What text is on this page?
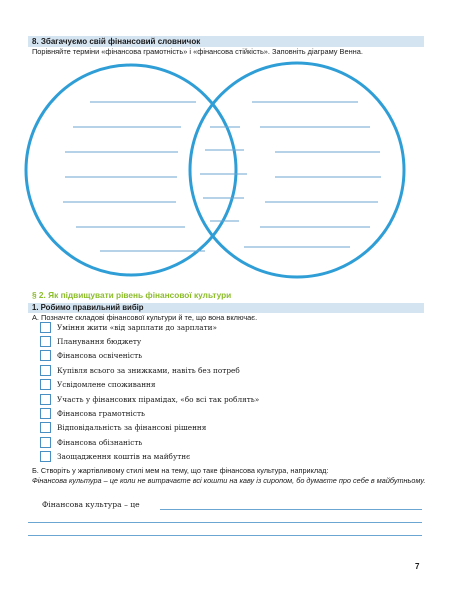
8. Збагачуємо свій фінансовий словничок
Порівняйте терміни «фінансова грамотність» і «фінансова стійкість». Заповніть діаграму Венна.
§ 2. Як підвищувати рівень фінансової культури
1. Робимо правильний вибір
А. Позначте складові фінансової культури й те, що вона включає.
Уміння жити «від зарплати до зарплати»
Планування бюджету
Фінансова освіченість
Купівля всього за знижками, навіть без потреб
Усвідомлене споживання
Участь у фінансових пірамідах, «бо всі так роблять»
Фінансова грамотність
Відповідальність за фінансові рішення
Фінансова обізнаність
Заощадження коштів на майбутнє
Б. Створіть у жартівливому стилі мем на тему, що таке фінансова культура, наприклад:
Фінансова культура – це коли не витрачаєте всі кошти на каву із сиропом, бо думаєте про себе в майбутньому.
Фінансова культура – це
7
